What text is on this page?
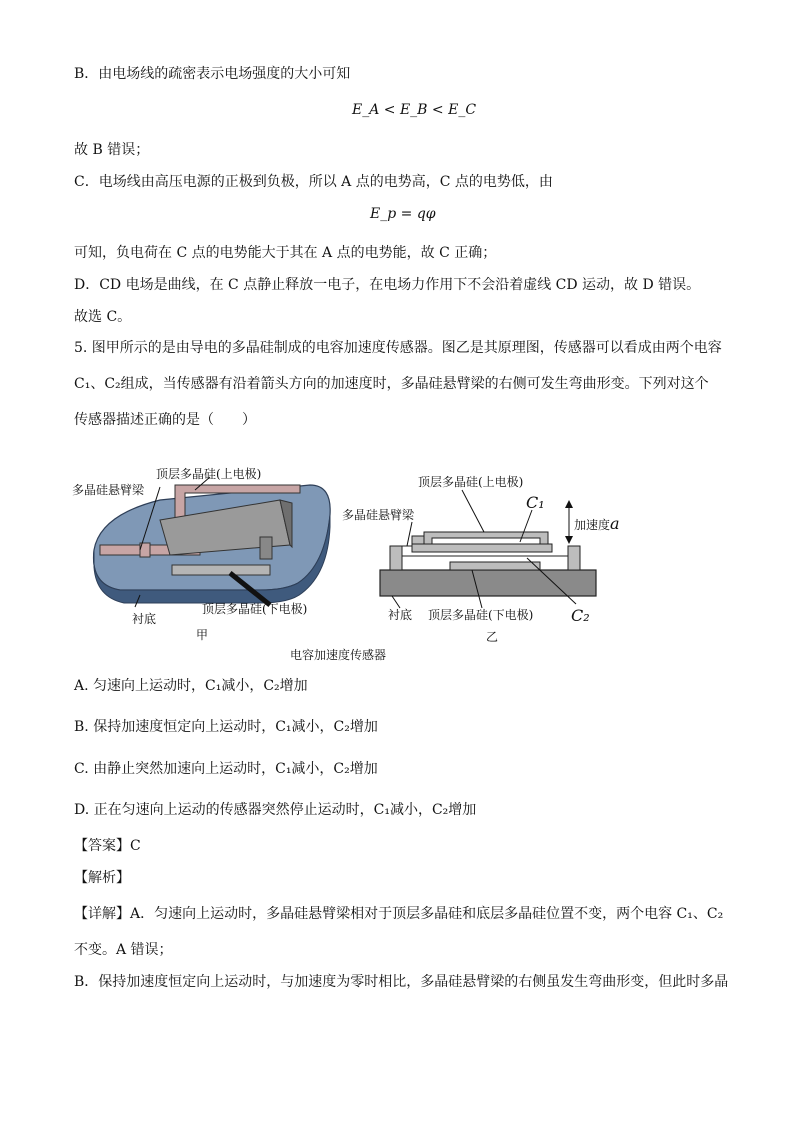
B．由电场线的疏密表示电场强度的大小可知
E_A < E_B < E_C
故 B 错误；
C．电场线由高压电源的正极到负极，所以 A 点的电势高，C 点的电势低，由
E_p = qφ
可知，负电荷在 C 点的电势能大于其在 A 点的电势能，故 C 正确；
D．CD 电场是曲线，在 C 点静止释放一电子，在电场力作用下不会沿着虚线 CD 运动，故 D 错误。
故选 C。
5. 图甲所示的是由导电的多晶硅制成的电容加速度传感器。图乙是其原理图，传感器可以看成由两个电容
C₁、C₂组成，当传感器有沿着箭头方向的加速度时，多晶硅悬臂梁的右侧可发生弯曲形变。下列对这个
传感器描述正确的是（　　）
顶层多晶硅(上电极)
多晶硅悬臂梁
衬底
顶层多晶硅(下电极)
甲
顶层多晶硅(上电极)
多晶硅悬臂梁
C₁
加速度a
衬底 顶层多晶硅(下电极) C₂
乙
电容加速度传感器
A. 匀速向上运动时，C₁减小，C₂增加
B. 保持加速度恒定向上运动时，C₁减小，C₂增加
C. 由静止突然加速向上运动时，C₁减小，C₂增加
D. 正在匀速向上运动的传感器突然停止运动时，C₁减小，C₂增加
【答案】C
【解析】
【详解】A．匀速向上运动时，多晶硅悬臂梁相对于顶层多晶硅和底层多晶硅位置不变，两个电容 C₁、C₂
不变。A 错误；
B．保持加速度恒定向上运动时，与加速度为零时相比，多晶硅悬臂梁的右侧虽发生弯曲形变，但此时多晶
